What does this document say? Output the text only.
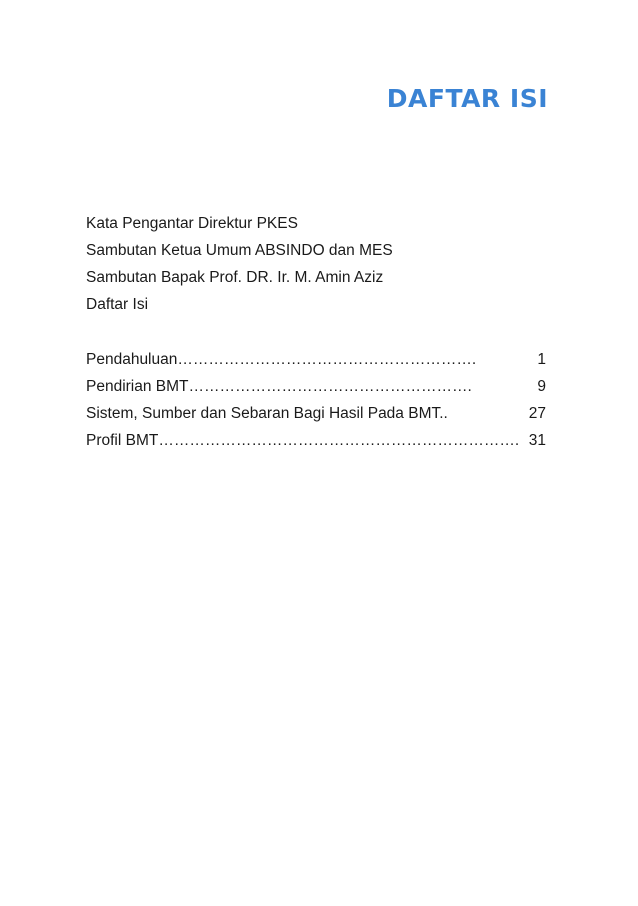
DAFTAR ISI
Kata Pengantar Direktur PKES
Sambutan Ketua Umum ABSINDO dan MES
Sambutan Bapak Prof. DR. Ir. M. Amin Aziz
Daftar Isi
Pendahuluan………………………………………………….	1
Pendirian BMT……………………………………………….	9
Sistem, Sumber dan Sebaran Bagi Hasil Pada BMT..	27
Profil BMT……………………………………………………………. 31
